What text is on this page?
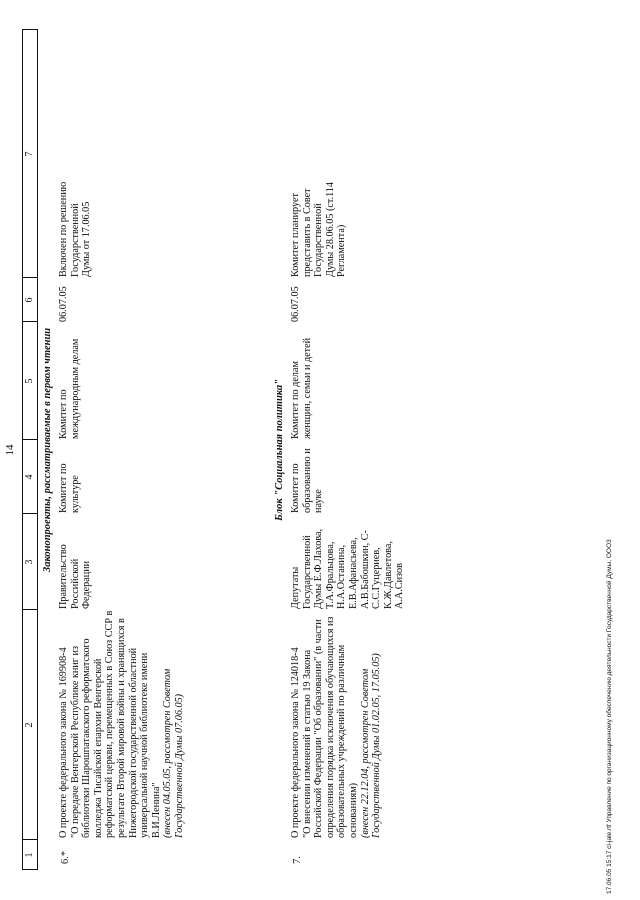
14
1
2
3
4
5
6
7
Законопроекты, рассматриваемые в первом чтении
6.*
О проекте федерального закона № 169908-4 "О передаче Венгерской Республике книг из библиотеки Шарошпатакского реформатского колледжа Тисайской епархии Венгерской реформатской церкви, перемещенных в Союз ССР в результате Второй мировой войны и хранящихся в Нижегородской государственной областной универсальной научной библиотеке имени В.И.Ленина" (внесен 04.05.05, рассмотрен Советом Государственной Думы 07.06.05)
Правительство Российской Федерации
Комитет по культуре
Комитет по международным делам
06.07.05
Включен по решению Государственной Думы от 17.06.05
Блок "Социальная политика"
7.
О проекте федерального закона № 124018-4 "О внесении изменений в статью 19 Закона Российской Федерации "Об образовании" (в части определения порядка исключения обучающихся из образовательных учреждений по различным основаниям) (внесен 22.12.04, рассмотрен Советом Государственной Думы 01.02.05, 17.05.05)
Депутаты Государственной Думы Е.Ф.Лахова, Т.А.Фральцова, Н.А.Останина, Е.В.Афанасьева, А.В.Бабошкин, С-С.С.Гуцериев, К.Ж.Давлетова, А.А.Сизов
Комитет по образованию и науке
Комитет по делам женщин, семьи и детей
06.07.05
Комитет планирует представить в Совет Государственной Думы 28.06.05 (ст.114 Регламента)
17.06.05 15:17 cl-jale.rtf Управление по организационному обеспечению деятельности Государственной Думы, ООО3
